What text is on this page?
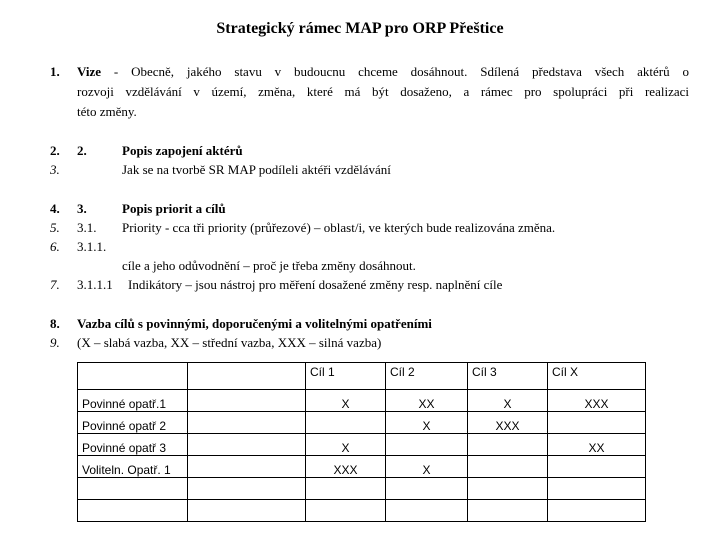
Strategický rámec MAP pro ORP Přeštice
1. Vize - Obecně, jakého stavu v budoucnu chceme dosáhnout. Sdílená představa všech aktérů o
rozvoji vzdělávání v území, změna, které má být dosaženo, a rámec pro spolupráci při realizaci
této změny.
2.
3.
2.	Popis zapojení aktérů
Jak se na tvorbě SR MAP podíleli aktéři vzdělávání
4.
5.
6.
7.
3.	Popis priorit a cílů
3.1. Priority - cca tři priority (průřezové) – oblast/i, ve kterých bude realizována změna.
3.1.1.
cíle a jeho odůvodnění – proč je třeba změny dosáhnout.
3.1.1.1 Indikátory – jsou nástroj pro měření dosažené změny resp. naplnění cíle
8.
9.
Vazba cílů s povinnými, doporučenými a volitelnými opatřeními
(X – slabá vazba, XX – střední vazba, XXX – silná vazba)
		Cíl 1	Cíl 2	Cíl 3	Cíl X
Povinné opatř.1		X	XX	X	XXX
Povinné opatř 2			X	XXX	
Povinné opatř 3		X			XX
Voliteln. Opatř. 1		XXX	X		
